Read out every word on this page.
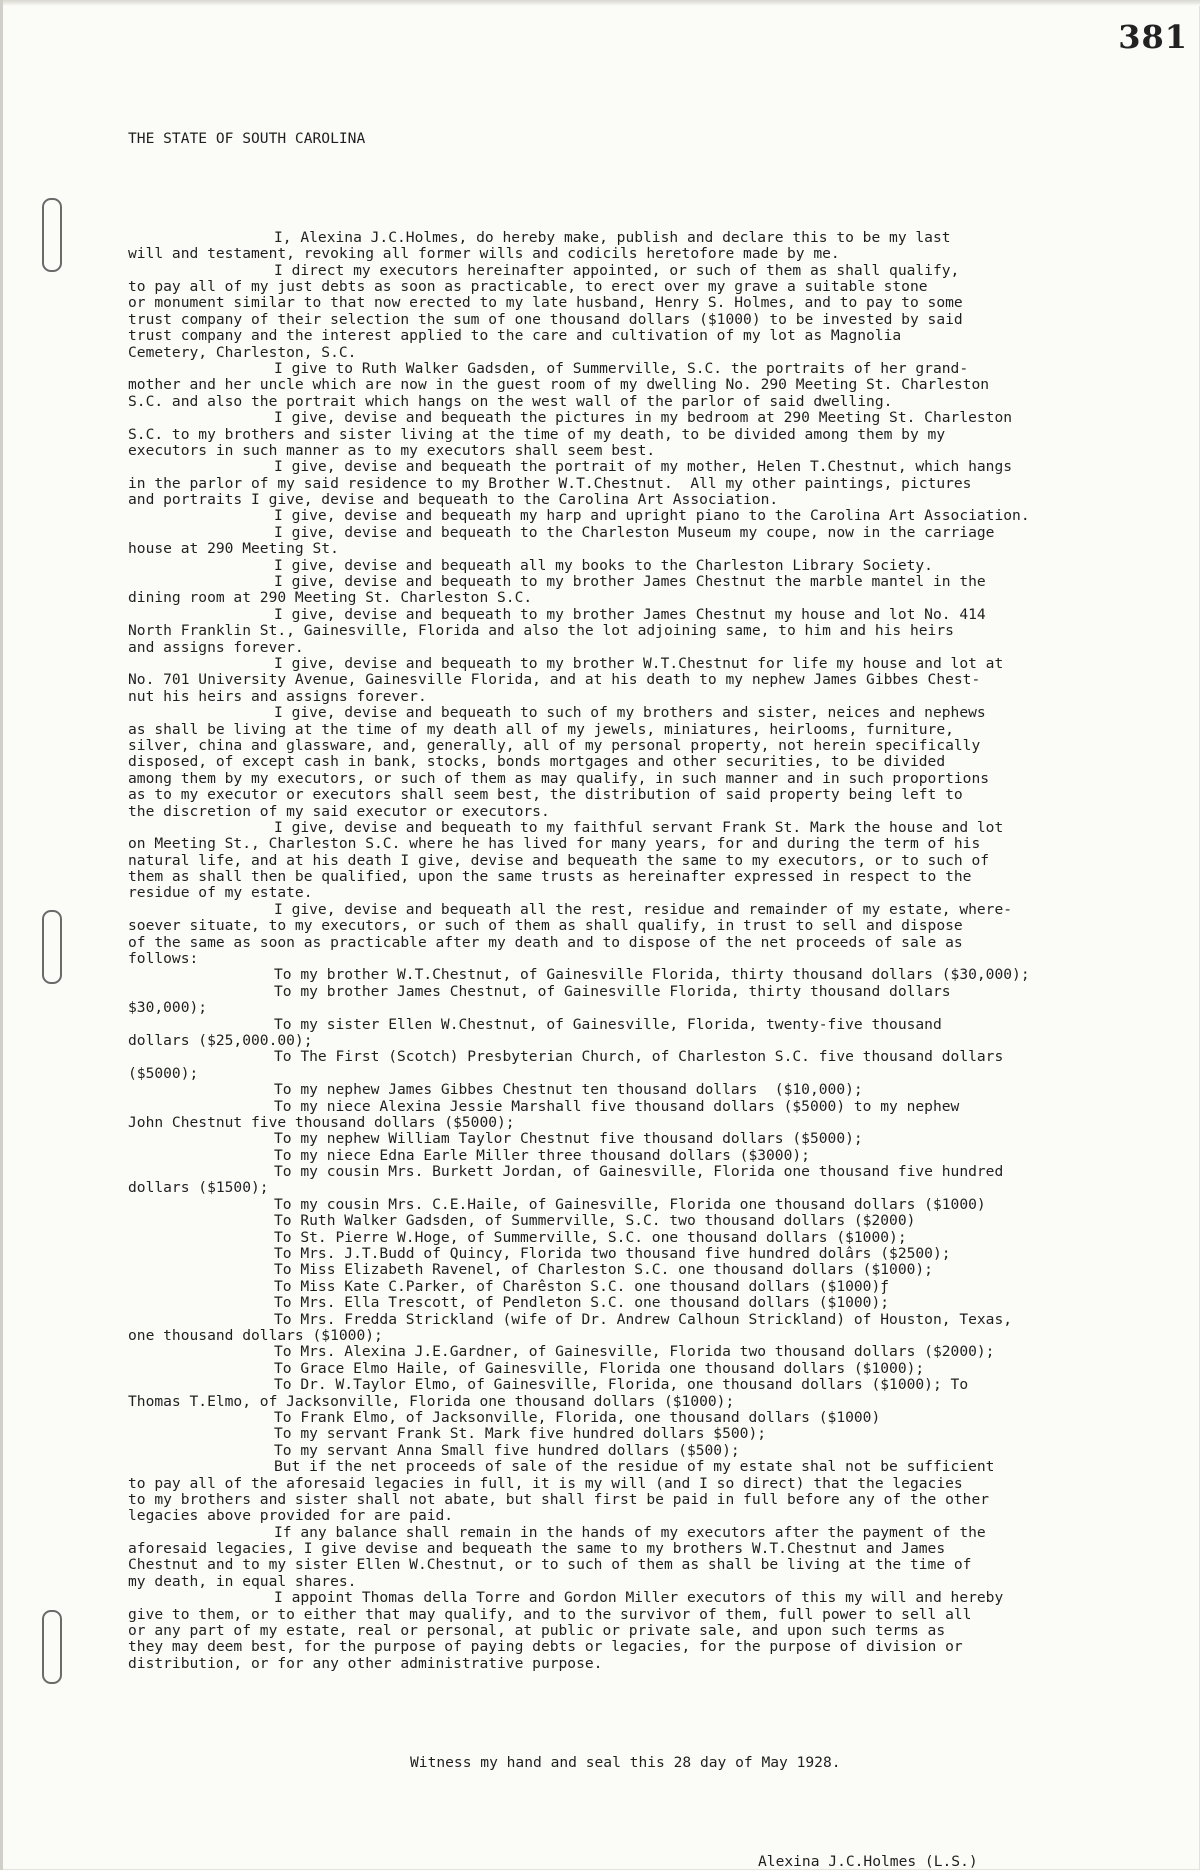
381

THE STATE OF SOUTH CAROLINA

I, Alexina J.C.Holmes, do hereby make, publish and declare this to be my last
will and testament, revoking all former wills and codicils heretofore made by me.
I direct my executors hereinafter appointed, or such of them as shall qualify,
to pay all of my just debts as soon as practicable, to erect over my grave a suitable stone
or monument similar to that now erected to my late husband, Henry S. Holmes, and to pay to some
trust company of their selection the sum of one thousand dollars ($1000) to be invested by said
trust company and the interest applied to the care and cultivation of my lot as Magnolia
Cemetery, Charleston, S.C.
I give to Ruth Walker Gadsden, of Summerville, S.C. the portraits of her grand-
mother and her uncle which are now in the guest room of my dwelling No. 290 Meeting St. Charleston
S.C. and also the portrait which hangs on the west wall of the parlor of said dwelling.
I give, devise and bequeath the pictures in my bedroom at 290 Meeting St. Charleston
S.C. to my brothers and sister living at the time of my death, to be divided among them by my
executors in such manner as to my executors shall seem best.
I give, devise and bequeath the portrait of my mother, Helen T.Chestnut, which hangs
in the parlor of my said residence to my Brother W.T.Chestnut.  All my other paintings, pictures
and portraits I give, devise and bequeath to the Carolina Art Association.
I give, devise and bequeath my harp and upright piano to the Carolina Art Association.
I give, devise and bequeath to the Charleston Museum my coupe, now in the carriage
house at 290 Meeting St.
I give, devise and bequeath all my books to the Charleston Library Society.
I give, devise and bequeath to my brother James Chestnut the marble mantel in the
dining room at 290 Meeting St. Charleston S.C.
I give, devise and bequeath to my brother James Chestnut my house and lot No. 414
North Franklin St., Gainesville, Florida and also the lot adjoining same, to him and his heirs
and assigns forever.
I give, devise and bequeath to my brother W.T.Chestnut for life my house and lot at
No. 701 University Avenue, Gainesville Florida, and at his death to my nephew James Gibbes Chest-
nut his heirs and assigns forever.
I give, devise and bequeath to such of my brothers and sister, neices and nephews
as shall be living at the time of my death all of my jewels, miniatures, heirlooms, furniture,
silver, china and glassware, and, generally, all of my personal property, not herein specifically
disposed, of except cash in bank, stocks, bonds mortgages and other securities, to be divided
among them by my executors, or such of them as may qualify, in such manner and in such proportions
as to my executor or executors shall seem best, the distribution of said property being left to
the discretion of my said executor or executors.
I give, devise and bequeath to my faithful servant Frank St. Mark the house and lot
on Meeting St., Charleston S.C. where he has lived for many years, for and during the term of his
natural life, and at his death I give, devise and bequeath the same to my executors, or to such of
them as shall then be qualified, upon the same trusts as hereinafter expressed in respect to the
residue of my estate.
I give, devise and bequeath all the rest, residue and remainder of my estate, where-
soever situate, to my executors, or such of them as shall qualify, in trust to sell and dispose
of the same as soon as practicable after my death and to dispose of the net proceeds of sale as
follows:
To my brother W.T.Chestnut, of Gainesville Florida, thirty thousand dollars ($30,000);
To my brother James Chestnut, of Gainesville Florida, thirty thousand dollars
$30,000);
To my sister Ellen W.Chestnut, of Gainesville, Florida, twenty-five thousand
dollars ($25,000.00);
To The First (Scotch) Presbyterian Church, of Charleston S.C. five thousand dollars
($5000);
To my nephew James Gibbes Chestnut ten thousand dollars  ($10,000);
To my niece Alexina Jessie Marshall five thousand dollars ($5000) to my nephew
John Chestnut five thousand dollars ($5000);
To my nephew William Taylor Chestnut five thousand dollars ($5000);
To my niece Edna Earle Miller three thousand dollars ($3000);
To my cousin Mrs. Burkett Jordan, of Gainesville, Florida one thousand five hundred
dollars ($1500);
To my cousin Mrs. C.E.Haile, of Gainesville, Florida one thousand dollars ($1000)
To Ruth Walker Gadsden, of Summerville, S.C. two thousand dollars ($2000)
To St. Pierre W.Hoge, of Summerville, S.C. one thousand dollars ($1000);
To Mrs. J.T.Budd of Quincy, Florida two thousand five hundred dolârs ($2500);
To Miss Elizabeth Ravenel, of Charleston S.C. one thousand dollars ($1000);
To Miss Kate C.Parker, of Charêston S.C. one thousand dollars ($1000)ƒ
To Mrs. Ella Trescott, of Pendleton S.C. one thousand dollars ($1000);
To Mrs. Fredda Strickland (wife of Dr. Andrew Calhoun Strickland) of Houston, Texas,
one thousand dollars ($1000);
To Mrs. Alexina J.E.Gardner, of Gainesville, Florida two thousand dollars ($2000);
To Grace Elmo Haile, of Gainesville, Florida one thousand dollars ($1000);
To Dr. W.Taylor Elmo, of Gainesville, Florida, one thousand dollars ($1000); To
Thomas T.Elmo, of Jacksonville, Florida one thousand dollars ($1000);
To Frank Elmo, of Jacksonville, Florida, one thousand dollars ($1000)
To my servant Frank St. Mark five hundred dollars $500);
To my servant Anna Small five hundred dollars ($500);
But if the net proceeds of sale of the residue of my estate shal not be sufficient
to pay all of the aforesaid legacies in full, it is my will (and I so direct) that the legacies
to my brothers and sister shall not abate, but shall first be paid in full before any of the other
legacies above provided for are paid.
If any balance shall remain in the hands of my executors after the payment of the
aforesaid legacies, I give devise and bequeath the same to my brothers W.T.Chestnut and James
Chestnut and to my sister Ellen W.Chestnut, or to such of them as shall be living at the time of
my death, in equal shares.
I appoint Thomas della Torre and Gordon Miller executors of this my will and hereby
give to them, or to either that may qualify, and to the survivor of them, full power to sell all
or any part of my estate, real or personal, at public or private sale, and upon such terms as
they may deem best, for the purpose of paying debts or legacies, for the purpose of division or
distribution, or for any other administrative purpose.

Witness my hand and seal this 28 day of May 1928.

Alexina J.C.Holmes (L.S.)
